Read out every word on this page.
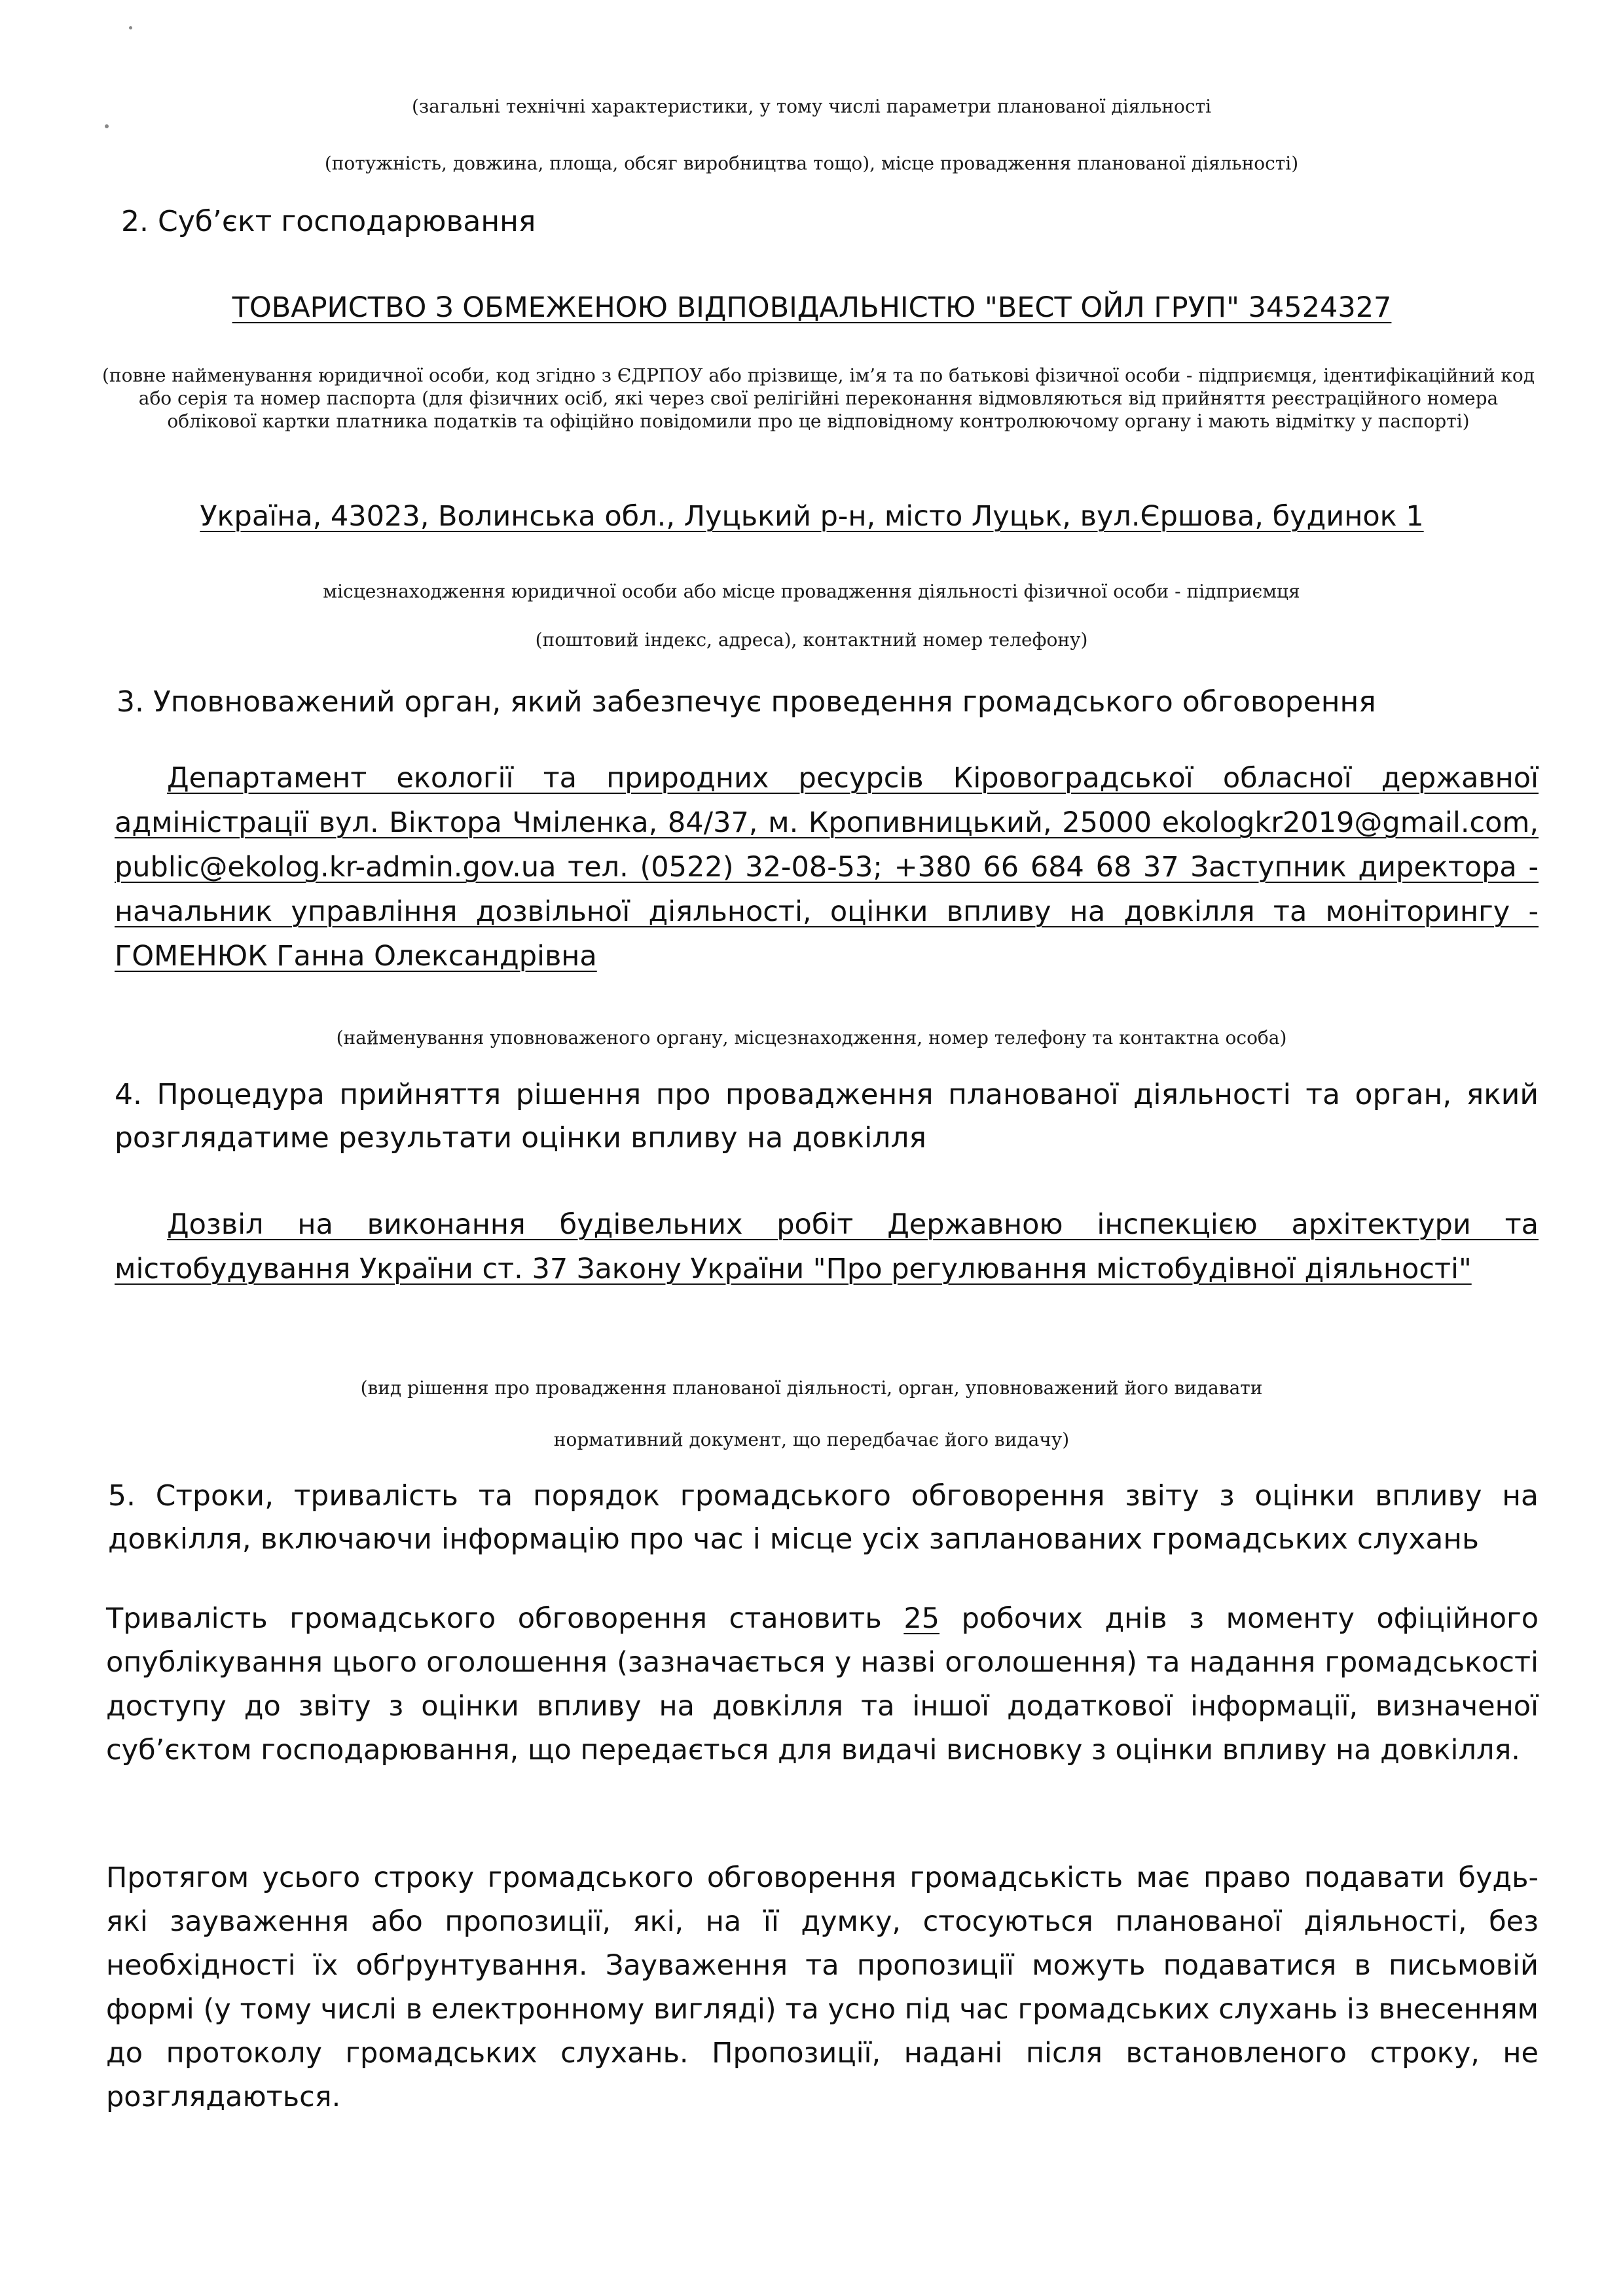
(загальні технічні характеристики, у тому числі параметри планованої діяльності
(потужність, довжина, площа, обсяг виробництва тощо), місце провадження планованої діяльності)
2. Суб’єкт господарювання
ТОВАРИСТВО З ОБМЕЖЕНОЮ ВІДПОВІДАЛЬНІСТЮ "ВЕСТ ОЙЛ ГРУП" 34524327
(повне найменування юридичної особи, код згідно з ЄДРПОУ або прізвище, ім’я та по батькові фізичної особи - підприємця, ідентифікаційний код або серія та номер паспорта (для фізичних осіб, які через свої релігійні переконання відмовляються від прийняття реєстраційного номера облікової картки платника податків та офіційно повідомили про це відповідному контролюючому органу і мають відмітку у паспорті)
Україна, 43023, Волинська обл., Луцький р-н, місто Луцьк, вул.Єршова, будинок 1
місцезнаходження юридичної особи або місце провадження діяльності фізичної особи - підприємця
(поштовий індекс, адреса), контактний номер телефону)
3. Уповноважений орган, який забезпечує проведення громадського обговорення
Департамент екології та природних ресурсів Кіровоградської обласної державної адміністрації вул. Віктора Чміленка, 84/37, м. Кропивницький, 25000 ekologkr2019@gmail.com, public@ekolog.kr-admin.gov.ua тел. (0522) 32-08-53; +380 66 684 68 37 Заступник директора - начальник управління дозвільної діяльності, оцінки впливу на довкілля та моніторингу - ГОМЕНЮК Ганна Олександрівна
(найменування уповноваженого органу, місцезнаходження, номер телефону та контактна особа)
4. Процедура прийняття рішення про провадження планованої діяльності та орган, який розглядатиме результати оцінки впливу на довкілля
Дозвіл на виконання будівельних робіт Державною інспекцією архітектури та містобудування України ст. 37 Закону України "Про регулювання містобудівної діяльності"
(вид рішення про провадження планованої діяльності, орган, уповноважений його видавати
нормативний документ, що передбачає його видачу)
5. Строки, тривалість та порядок громадського обговорення звіту з оцінки впливу на довкілля, включаючи інформацію про час і місце усіх запланованих громадських слухань
Тривалість громадського обговорення становить 25 робочих днів з моменту офіційного опублікування цього оголошення (зазначається у назві оголошення) та надання громадськості доступу до звіту з оцінки впливу на довкілля та іншої додаткової інформації, визначеної суб’єктом господарювання, що передається для видачі висновку з оцінки впливу на довкілля.
Протягом усього строку громадського обговорення громадськість має право подавати будь-які зауваження або пропозиції, які, на її думку, стосуються планованої діяльності, без необхідності їх обґрунтування. Зауваження та пропозиції можуть подаватися в письмовій формі (у тому числі в електронному вигляді) та усно під час громадських слухань із внесенням до протоколу громадських слухань. Пропозиції, надані після встановленого строку, не розглядаються.
